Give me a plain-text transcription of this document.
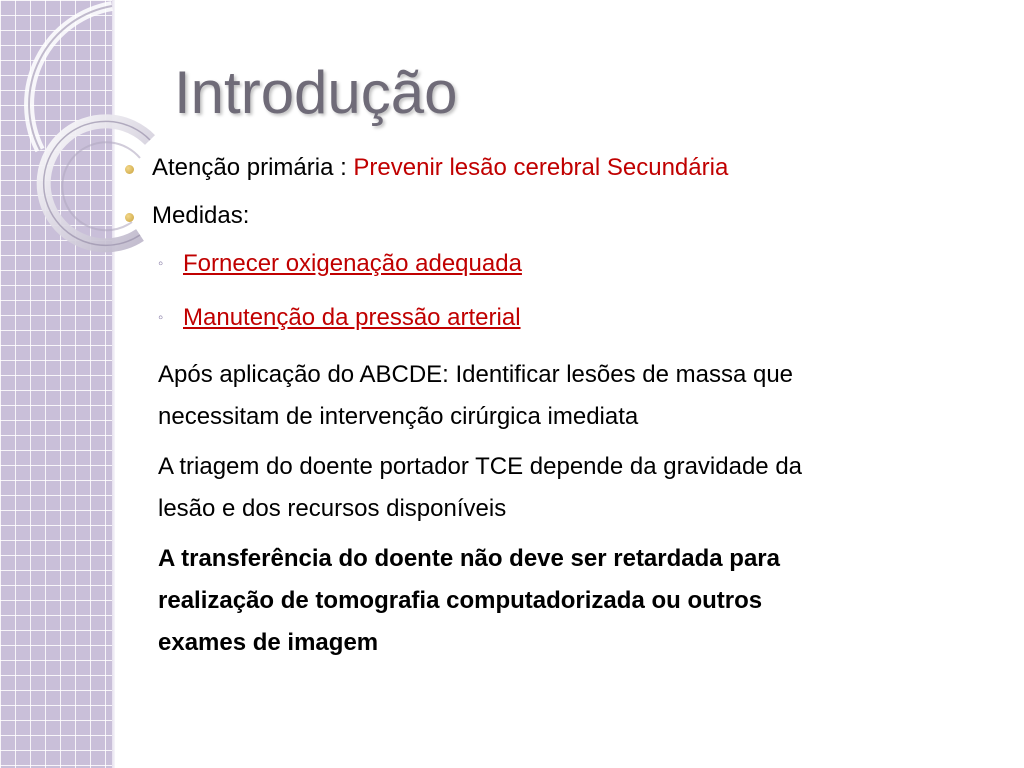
Introdução
Atenção primária : Prevenir lesão cerebral Secundária
Medidas:
◦ Fornecer oxigenação adequada
◦ Manutenção da pressão arterial
Após aplicação do ABCDE: Identificar lesões de massa que
necessitam de intervenção cirúrgica imediata
A triagem do doente portador TCE depende da gravidade da
lesão e dos recursos disponíveis
A transferência do doente não deve ser retardada para
realização de tomografia computadorizada ou outros
exames de imagem
